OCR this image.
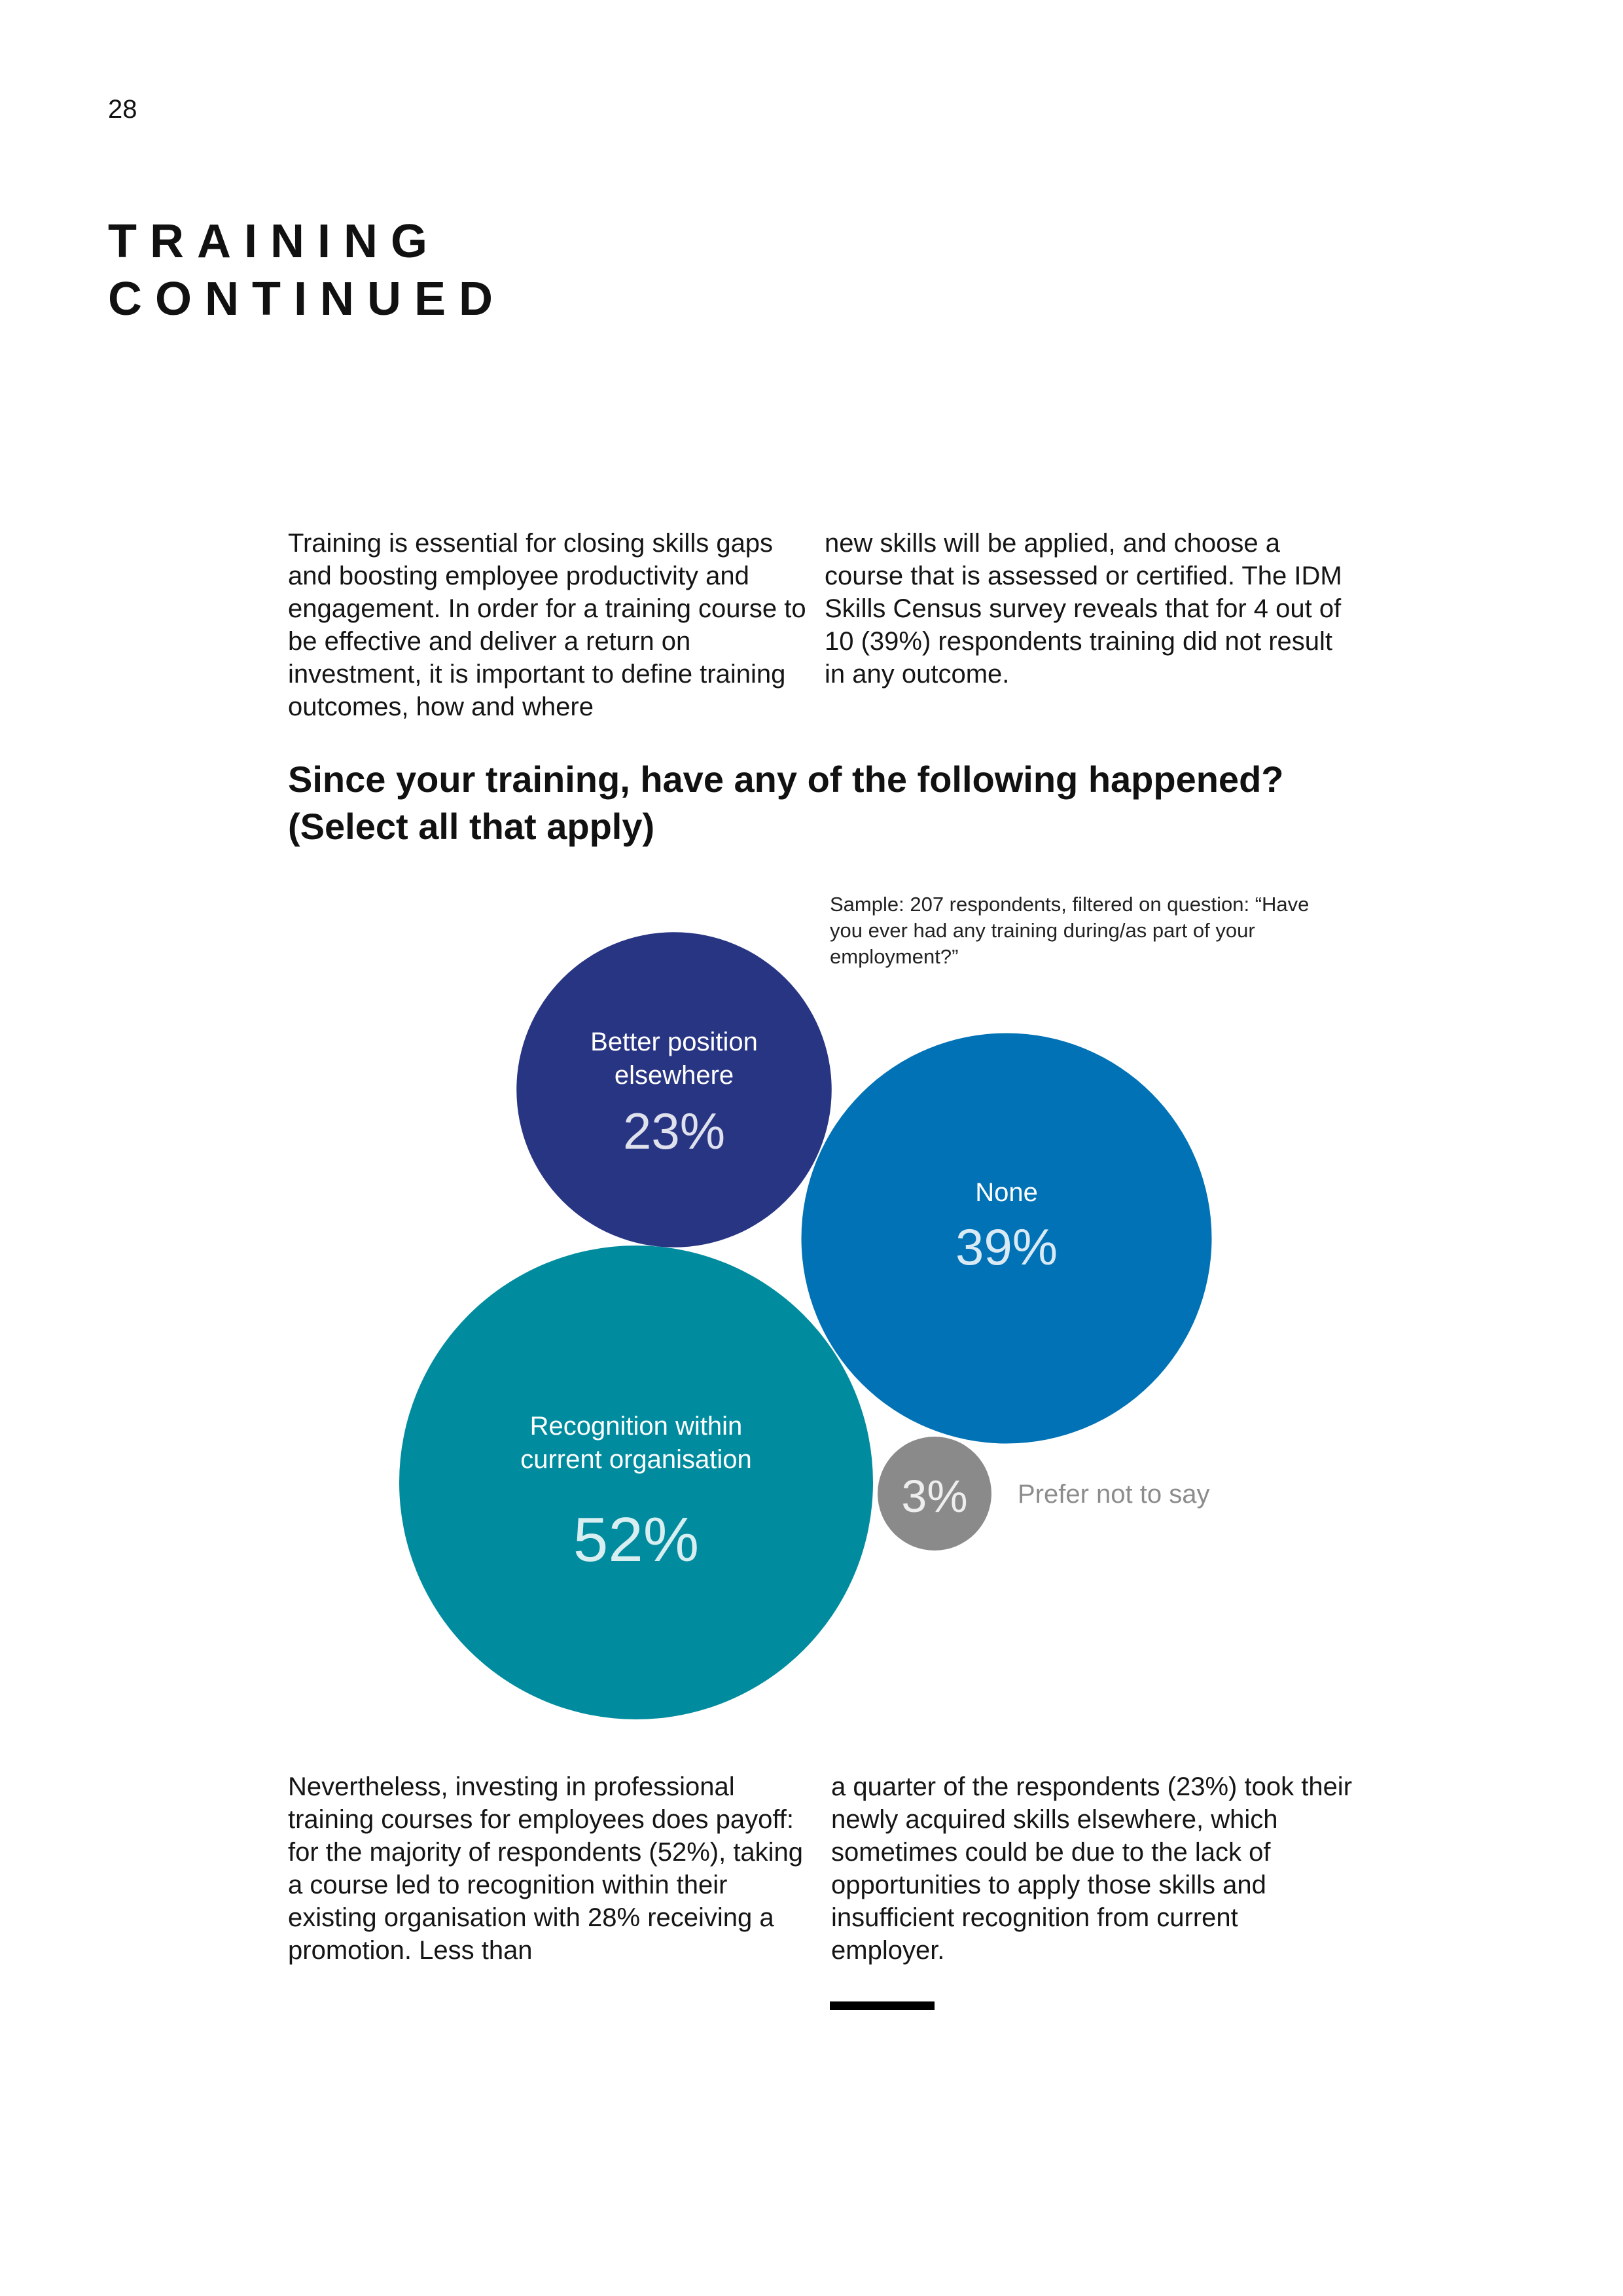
28
TRAINING
CONTINUED

Training is essential for closing skills gaps and boosting employee productivity and engagement. In order for a training course to be effective and deliver a return on investment, it is important to define training outcomes, how and where

new skills will be applied, and choose a course that is assessed or certified. The IDM Skills Census survey reveals that for 4 out of 10 (39%) respondents training did not result in any outcome.

Since your training, have any of the following happened?
(Select all that apply)
Sample: 207 respondents, filtered on question: “Have you ever had any training during/as part of your employment?”
Better position
elsewhere
23%
None
39%
Recognition within
current organisation
52%
Prefer not to say
3%

Nevertheless, investing in professional training courses for employees does payoff: for the majority of respondents (52%), taking a course led to recognition within their existing organisation with 28% receiving a promotion. Less than

a quarter of the respondents (23%) took their newly acquired skills elsewhere, which sometimes could be due to the lack of opportunities to apply those skills and insufficient recognition from current employer.
